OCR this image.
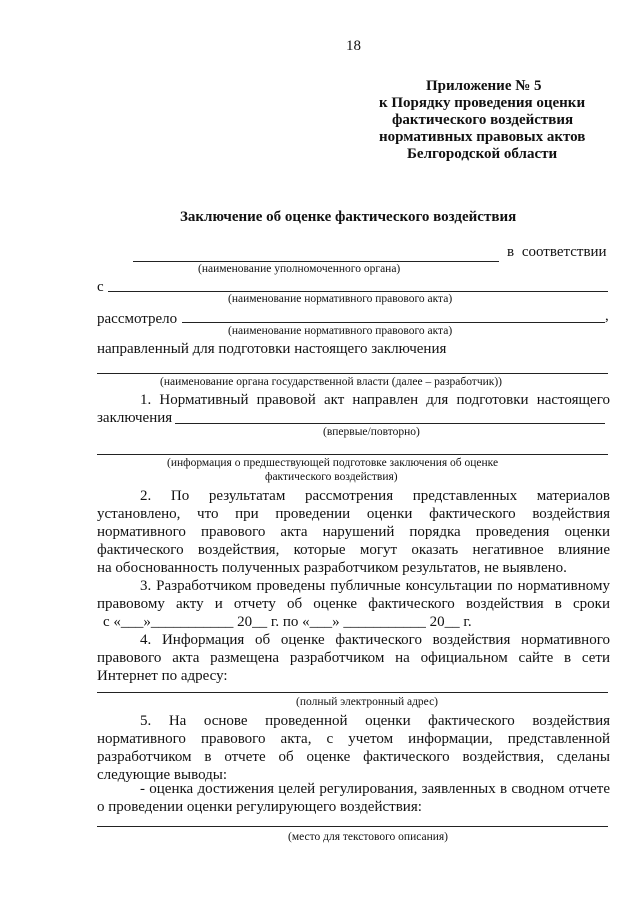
18
Приложение № 5
к Порядку проведения оценки
фактического воздействия
нормативных правовых актов
Белгородской области
Заключение об оценке фактического воздействия
в соответствии
(наименование уполномоченного органа)
с
(наименование нормативного правового акта)
рассмотрело	,
(наименование нормативного правового акта)
направленный для подготовки настоящего заключения
(наименование органа государственной власти (далее – разработчик))
1. Нормативный правовой акт направлен для подготовки настоящего
заключения
(впервые/повторно)
(информация о предшествующей подготовке заключения об оценке
фактического воздействия)
2. По результатам рассмотрения представленных материалов
установлено, что при проведении оценки фактического воздействия
нормативного правового акта нарушений порядка проведения оценки
фактического воздействия, которые могут оказать негативное влияние
на обоснованность полученных разработчиком результатов, не выявлено.
3. Разработчиком проведены публичные консультации по нормативному
правовому акту и отчету об оценке фактического воздействия в сроки
с «___»___________ 20__ г. по «___» ___________ 20__ г.
4. Информация об оценке фактического воздействия нормативного
правового акта размещена разработчиком на официальном сайте в сети
Интернет по адресу:
(полный электронный адрес)
5. На основе проведенной оценки фактического воздействия
нормативного правового акта, с учетом информации, представленной
разработчиком в отчете об оценке фактического воздействия, сделаны
следующие выводы:
- оценка достижения целей регулирования, заявленных в сводном отчете
о проведении оценки регулирующего воздействия:
(место для текстового описания)
